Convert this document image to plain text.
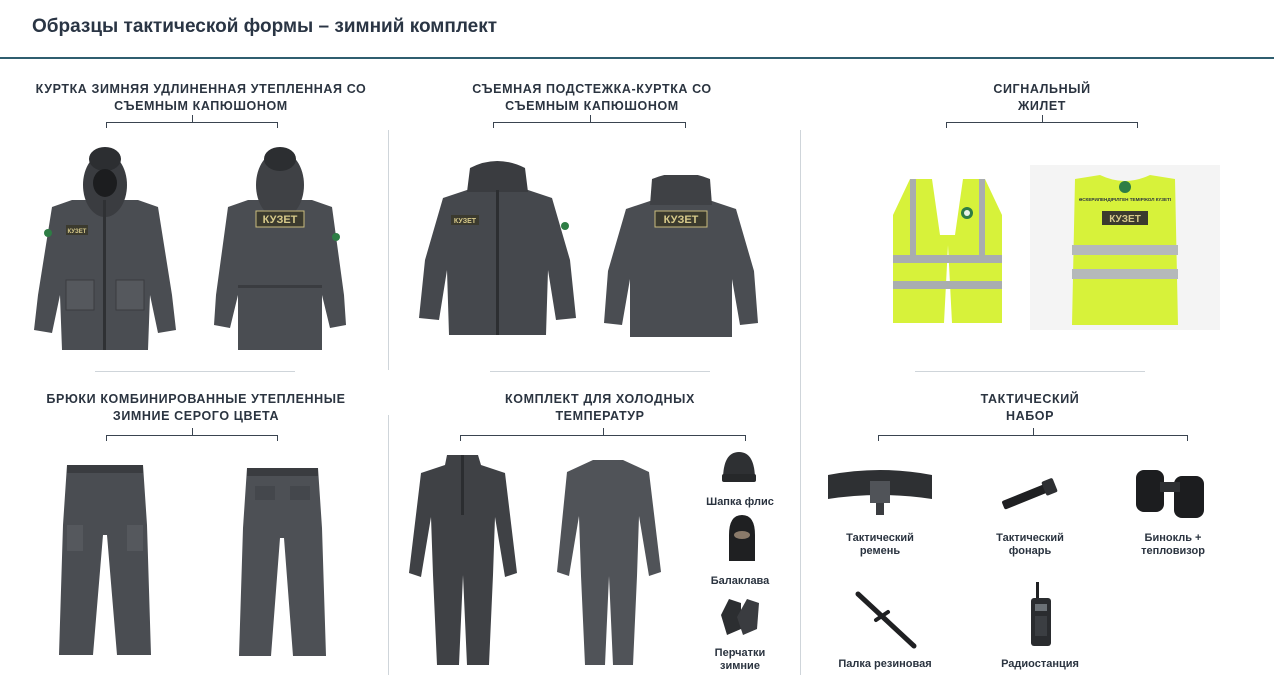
Образцы тактической формы – зимний комплект
КУРТКА ЗИМНЯЯ УДЛИНЕННАЯ УТЕПЛЕННАЯ СО СЪЕМНЫМ КАПЮШОНОМ
КУЗЕТ
КУЗЕТ
СЪЕМНАЯ ПОДСТЕЖКА-КУРТКА СО СЪЕМНЫМ КАПЮШОНОМ
КУЗЕТ	КУЗЕТ
СИГНАЛЬНЫЙ ЖИЛЕТ
ӘСКЕРИЛЕНДІРІЛГЕН ТЕМІРЖОЛ КҮЗЕТІ
КУЗЕТ
БРЮКИ КОМБИНИРОВАННЫЕ УТЕПЛЕННЫЕ ЗИМНИЕ СЕРОГО ЦВЕТА
КОМПЛЕКТ ДЛЯ ХОЛОДНЫХ ТЕМПЕРАТУР
Шапка флис
Балаклава
Перчатки зимние
ТАКТИЧЕСКИЙ НАБОР
Тактический ремень
Тактический фонарь
Бинокль + тепловизор
Палка резиновая	Радиостанция
